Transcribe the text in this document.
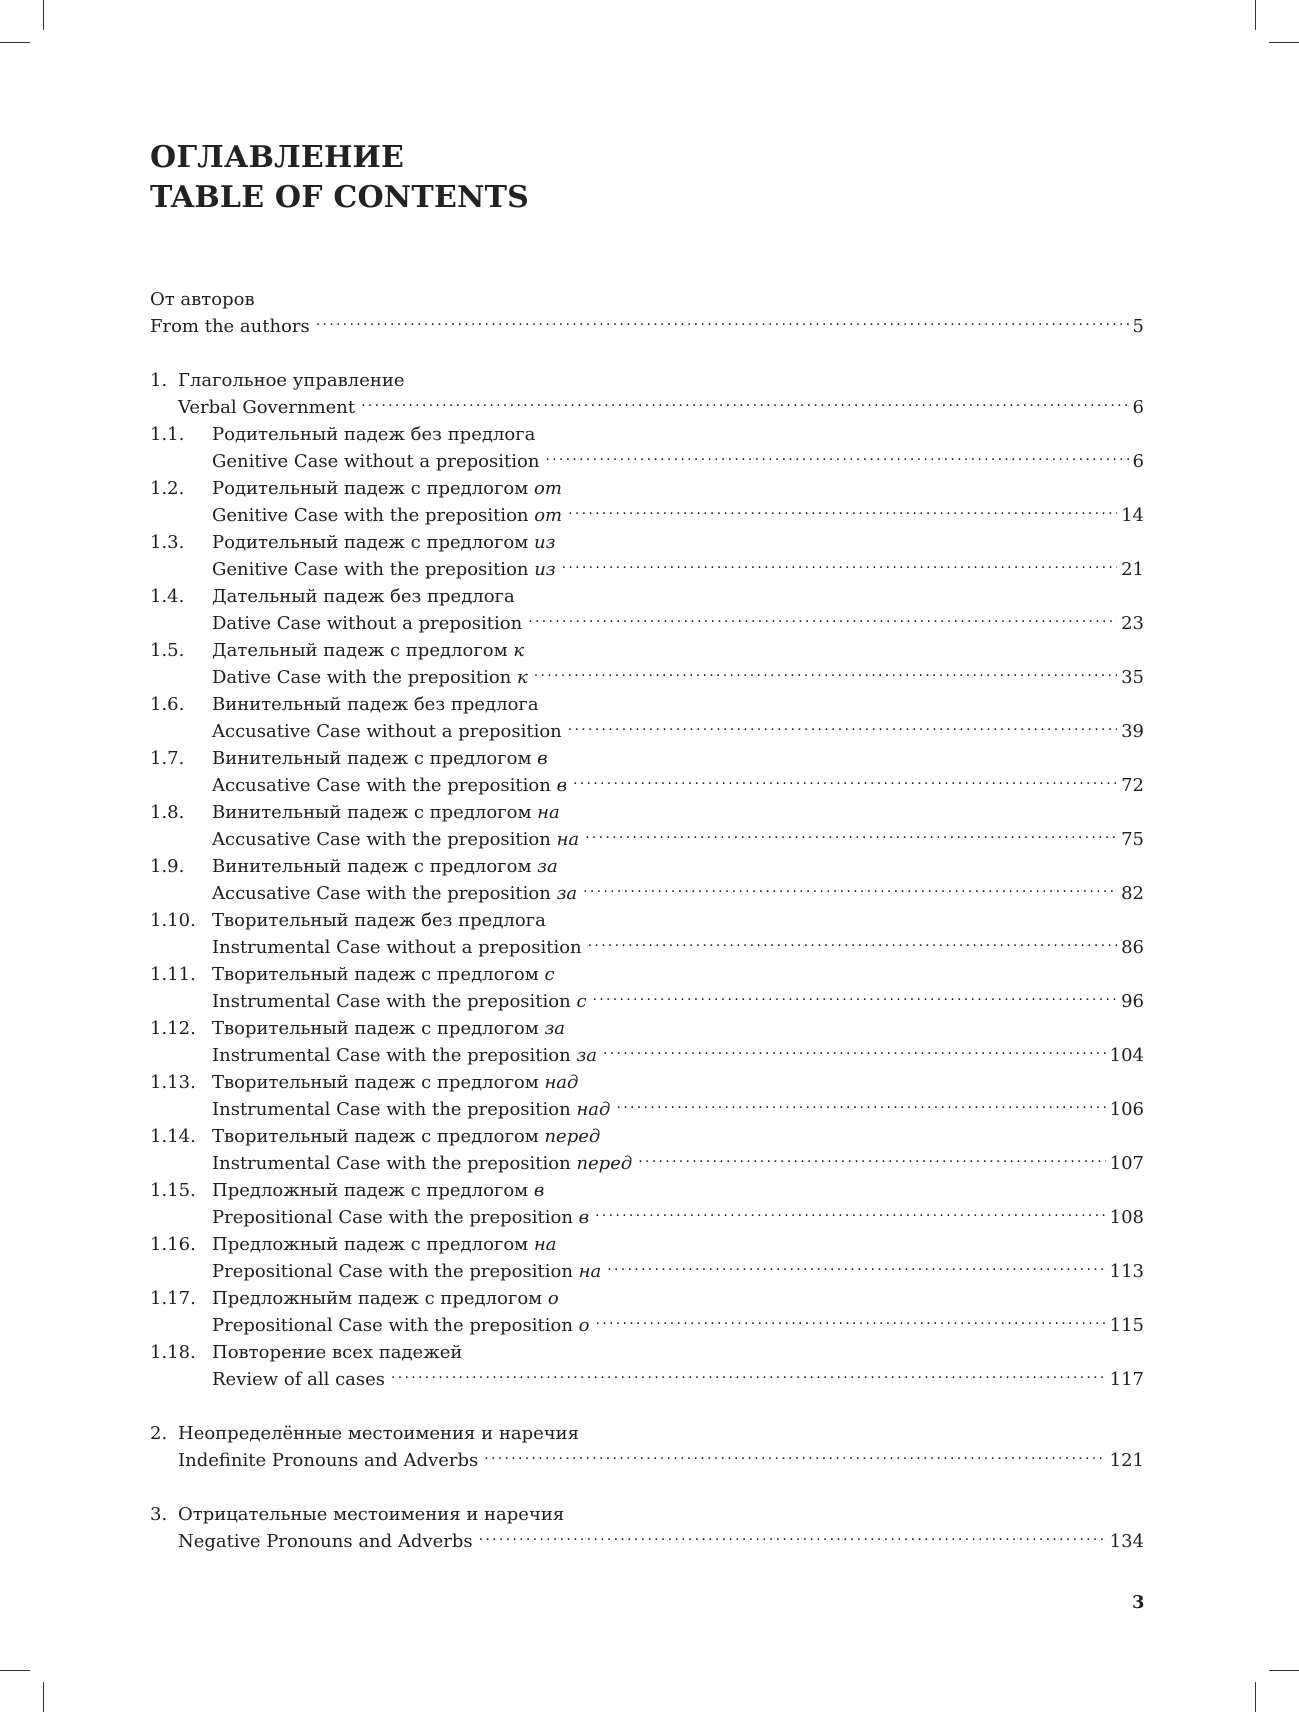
ОГЛАВЛЕНИЕ
TABLE OF CONTENTS
От авторов
From the authors .....	5
1. Глагольное управление
Verbal Government .....	6
1.1.	Родительный падеж без предлога
Genitive Case without a preposition .....	6
1.2.	Родительный падеж с предлогом от
Genitive Case with the preposition от .....	14
1.3.	Родительный падеж с предлогом из
Genitive Case with the preposition из .....	21
1.4.	Дательный падеж без предлога
Dative Case without a preposition .....	23
1.5.	Дательный падеж с предлогом к
Dative Case with the preposition к .....	35
1.6.	Винительный падеж без предлога
Accusative Case without a preposition .....	39
1.7.	Винительный падеж с предлогом в
Accusative Case with the preposition в .....	72
1.8.	Винительный падеж с предлогом на
Accusative Case with the preposition на .....	75
1.9.	Винительный падеж с предлогом за
Accusative Case with the preposition за .....	82
1.10. Творительный падеж без предлога
Instrumental Case without a preposition .....	86
1.11. Творительный падеж с предлогом с
Instrumental Case with the preposition с .....	96
1.12. Творительный падеж с предлогом за
Instrumental Case with the preposition за .....	104
1.13. Творительный падеж с предлогом над
Instrumental Case with the preposition над .....	106
1.14. Творительный падеж с предлогом перед
Instrumental Case with the preposition перед .....	107
1.15. Предложный падеж с предлогом в
Prepositional Case with the preposition в .....	108
1.16. Предложный падеж с предлогом на
Prepositional Case with the preposition на .....	113
1.17. Предложныйм падеж с предлогом о
Prepositional Case with the preposition о .....	115
1.18. Повторение всех падежей
Review of all cases .....	117
2. Неопределённые местоимения и наречия
Indefinite Pronouns and Adverbs .....	121
3. Отрицательные местоимения и наречия
Negative Pronouns and Adverbs .....	134
3
